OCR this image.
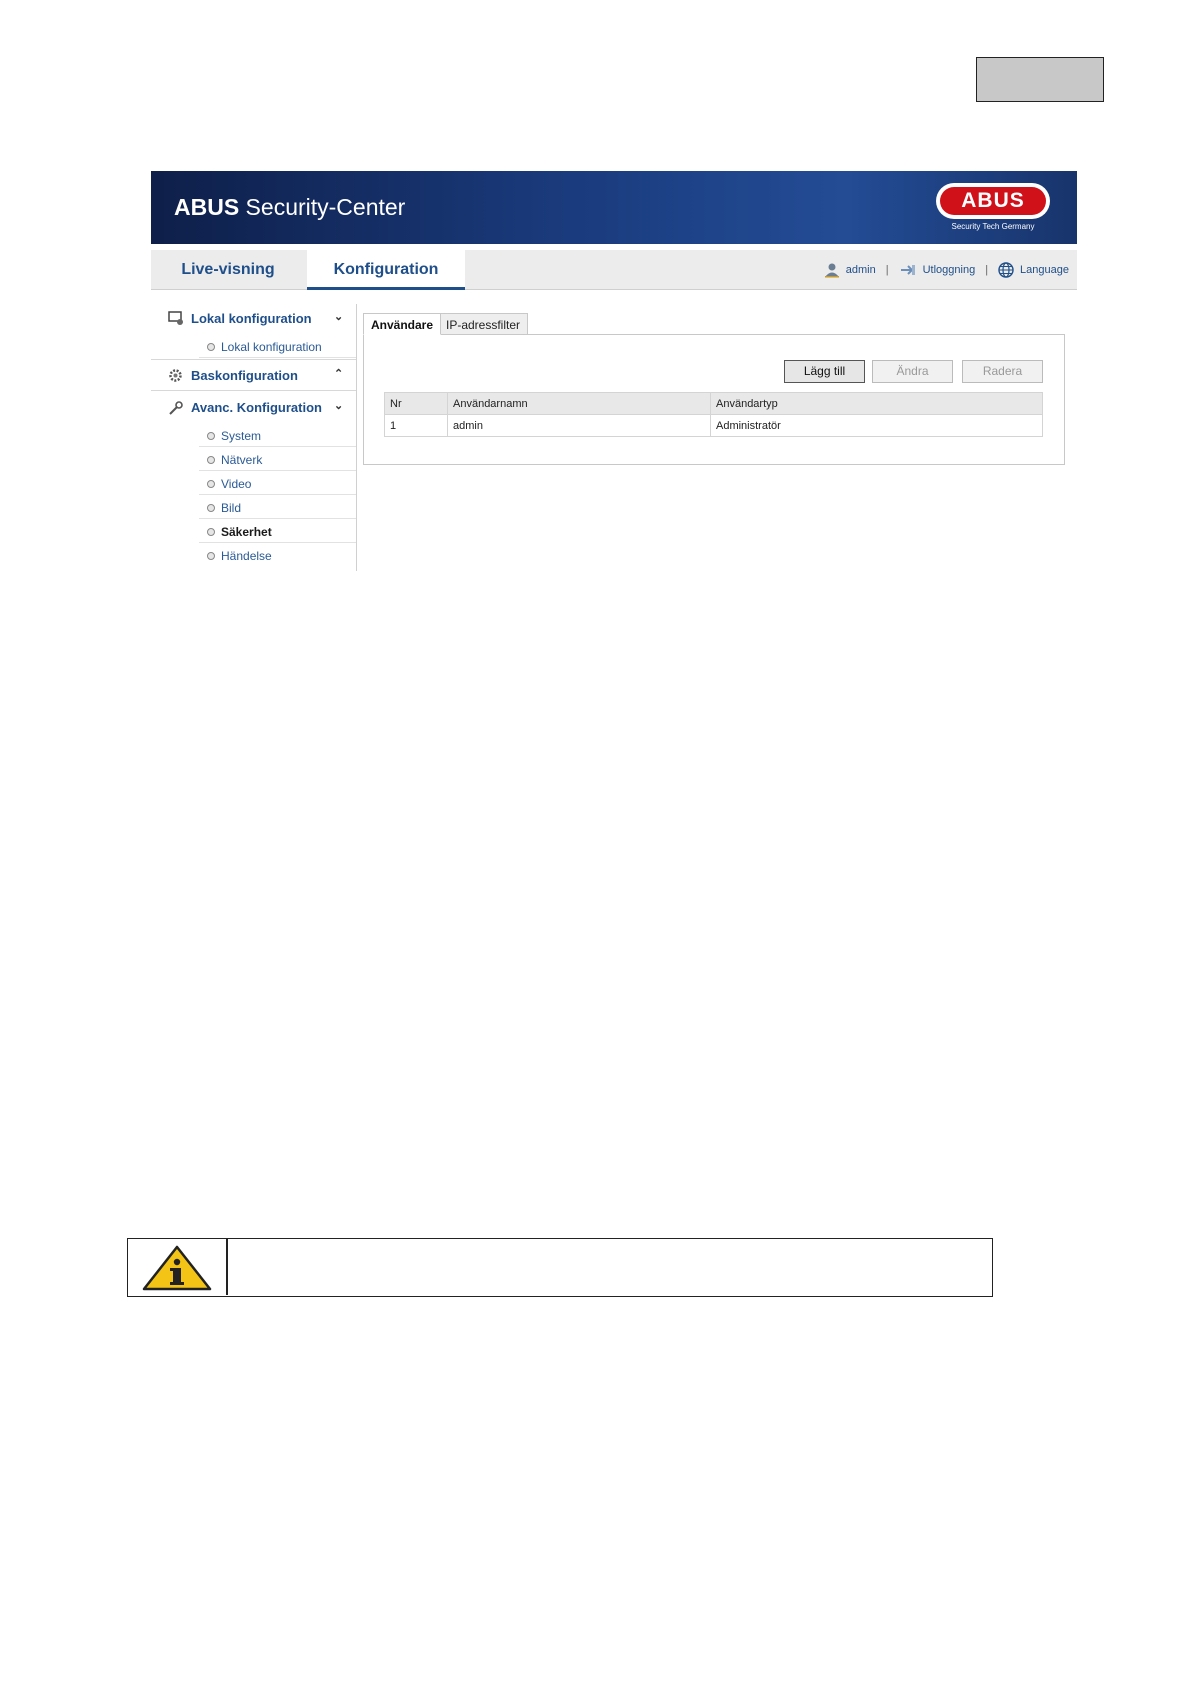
ABUS Security-Center	ABUS
Security Tech Germany
Live-visning	Konfiguration	admin |	Utloggning |	Language
Lokal konfiguration ⌄
Lokal konfiguration
Baskonfiguration	⌃
Avanc. Konfiguration ⌄
System
Nätverk
Video
Bild
Säkerhet
Händelse
Användare	IP-adressfilter
Lägg till	Ändra	Radera
Nr	Användarnamn	Användartyp
1	admin	Administratör
